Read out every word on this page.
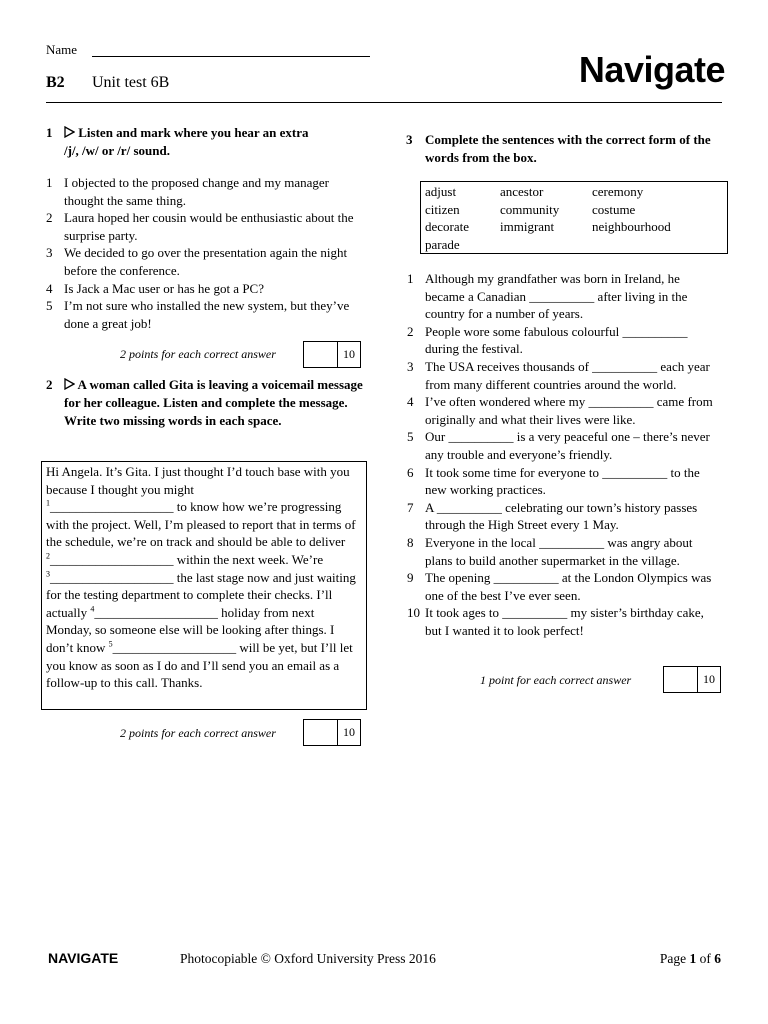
Name
B2 Unit test 6B	Navigate
1	Listen and mark where you hear an extra
/j/, /w/ or /r/ sound.
1 I objected to the proposed change and my manager thought the same thing.
2 Laura hoped her cousin would be enthusiastic about the surprise party.
3 We decided to go over the presentation again the night before the conference.
4 Is Jack a Mac user or has he got a PC?
5 I’m not sure who installed the new system, but they’ve done a great job!
2 points for each correct answer	10
2	A woman called Gita is leaving a voicemail message for her colleague. Listen and complete the message. Write two missing words in each space.
Hi Angela. It’s Gita. I just thought I’d touch base with you because I thought you might
$^1$___________________ to know how we’re progressing with the project. Well, I’m pleased to report that in terms of the schedule, we’re on track and should be able to deliver $^2$___________________ within the next week. We’re $^3$___________________ the last stage now and just waiting for the testing department to complete their checks. I’ll actually $^4$___________________ holiday from next Monday, so someone else will be looking after things. I don’t know $^5$___________________ will be yet, but I’ll let you know as soon as I do and I’ll send you an email as a follow-up to this call. Thanks.
2 points for each correct answer	10
3 Complete the sentences with the correct form of the words from the box.
adjust	ancestor	ceremony
citizen	community	costume
decorate	immigrant	neighbourhood
parade
1 Although my grandfather was born in Ireland, he became a Canadian __________ after living in the country for a number of years.
2 People wore some fabulous colourful __________ during the festival.
3 The USA receives thousands of __________ each year from many different countries around the world.
4 I’ve often wondered where my __________ came from originally and what their lives were like.
5 Our __________ is a very peaceful one – there’s never any trouble and everyone’s friendly.
6 It took some time for everyone to __________ to the new working practices.
7 A __________ celebrating our town’s history passes through the High Street every 1 May.
8 Everyone in the local __________ was angry about plans to build another supermarket in the village.
9 The opening __________ at the London Olympics was one of the best I’ve ever seen.
10 It took ages to __________ my sister’s birthday cake, but I wanted it to look perfect!
1 point for each correct answer	10
NAVIGATE	Photocopiable © Oxford University Press 2016	Page 1 of 6
